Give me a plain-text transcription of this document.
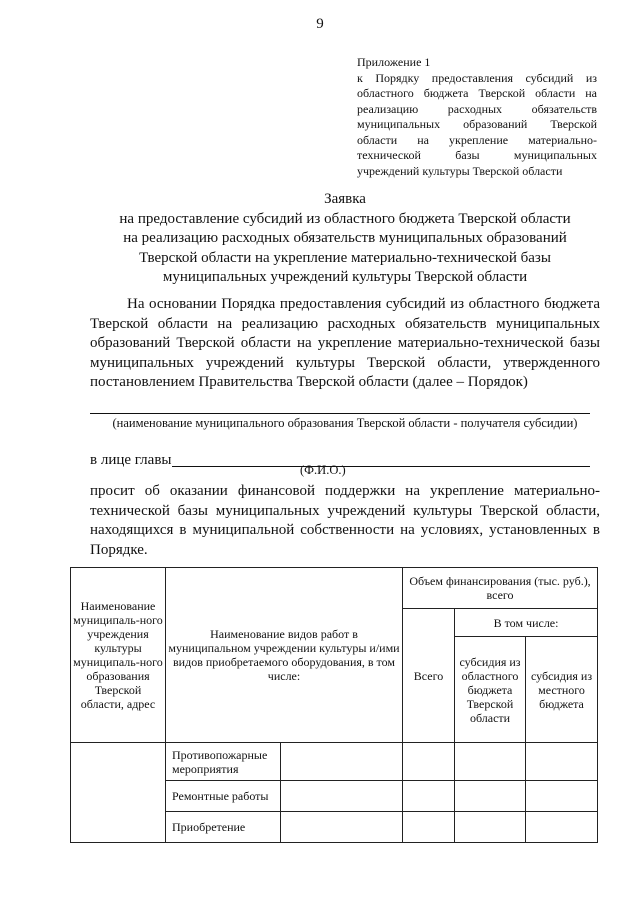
9
Приложение 1
к Порядку предоставления субсидий из областного бюджета Тверской области на реализацию расходных обязательств муниципальных образований Тверской области на укрепление материально-технической базы муниципальных учреждений культуры Тверской области
Заявка
на предоставление субсидий из областного бюджета Тверской области
на реализацию расходных обязательств муниципальных образований
Тверской области на укрепление материально-технической базы
муниципальных учреждений культуры Тверской области
На основании Порядка предоставления субсидий из областного бюджета Тверской области на реализацию расходных обязательств муниципальных образований Тверской области на укрепление материально-технической базы муниципальных учреждений культуры Тверской области, утвержденного постановлением Правительства Тверской области (далее – Порядок)
(наименование муниципального образования Тверской области - получателя субсидии)
в лице главы
(Ф.И.О.)
просит об оказании финансовой поддержки на укрепление материально-технической базы муниципальных учреждений культуры Тверской области, находящихся в муниципальной собственности на условиях, установленных в Порядке.
Наименование муниципаль-ного учреждения культуры муниципаль-ного образования Тверской области, адрес	Наименование видов работ в муниципальном учреждении культуры и/ими видов приобретаемого оборудования, в том числе:		Объем финансирования (тыс. руб.), всего		
			Всего	В том числе:	
				субсидия из областного бюджета Тверской области	субсидия из местного бюджета
	Противопожарные мероприятия				
	Ремонтные работы				
	Приобретение				
